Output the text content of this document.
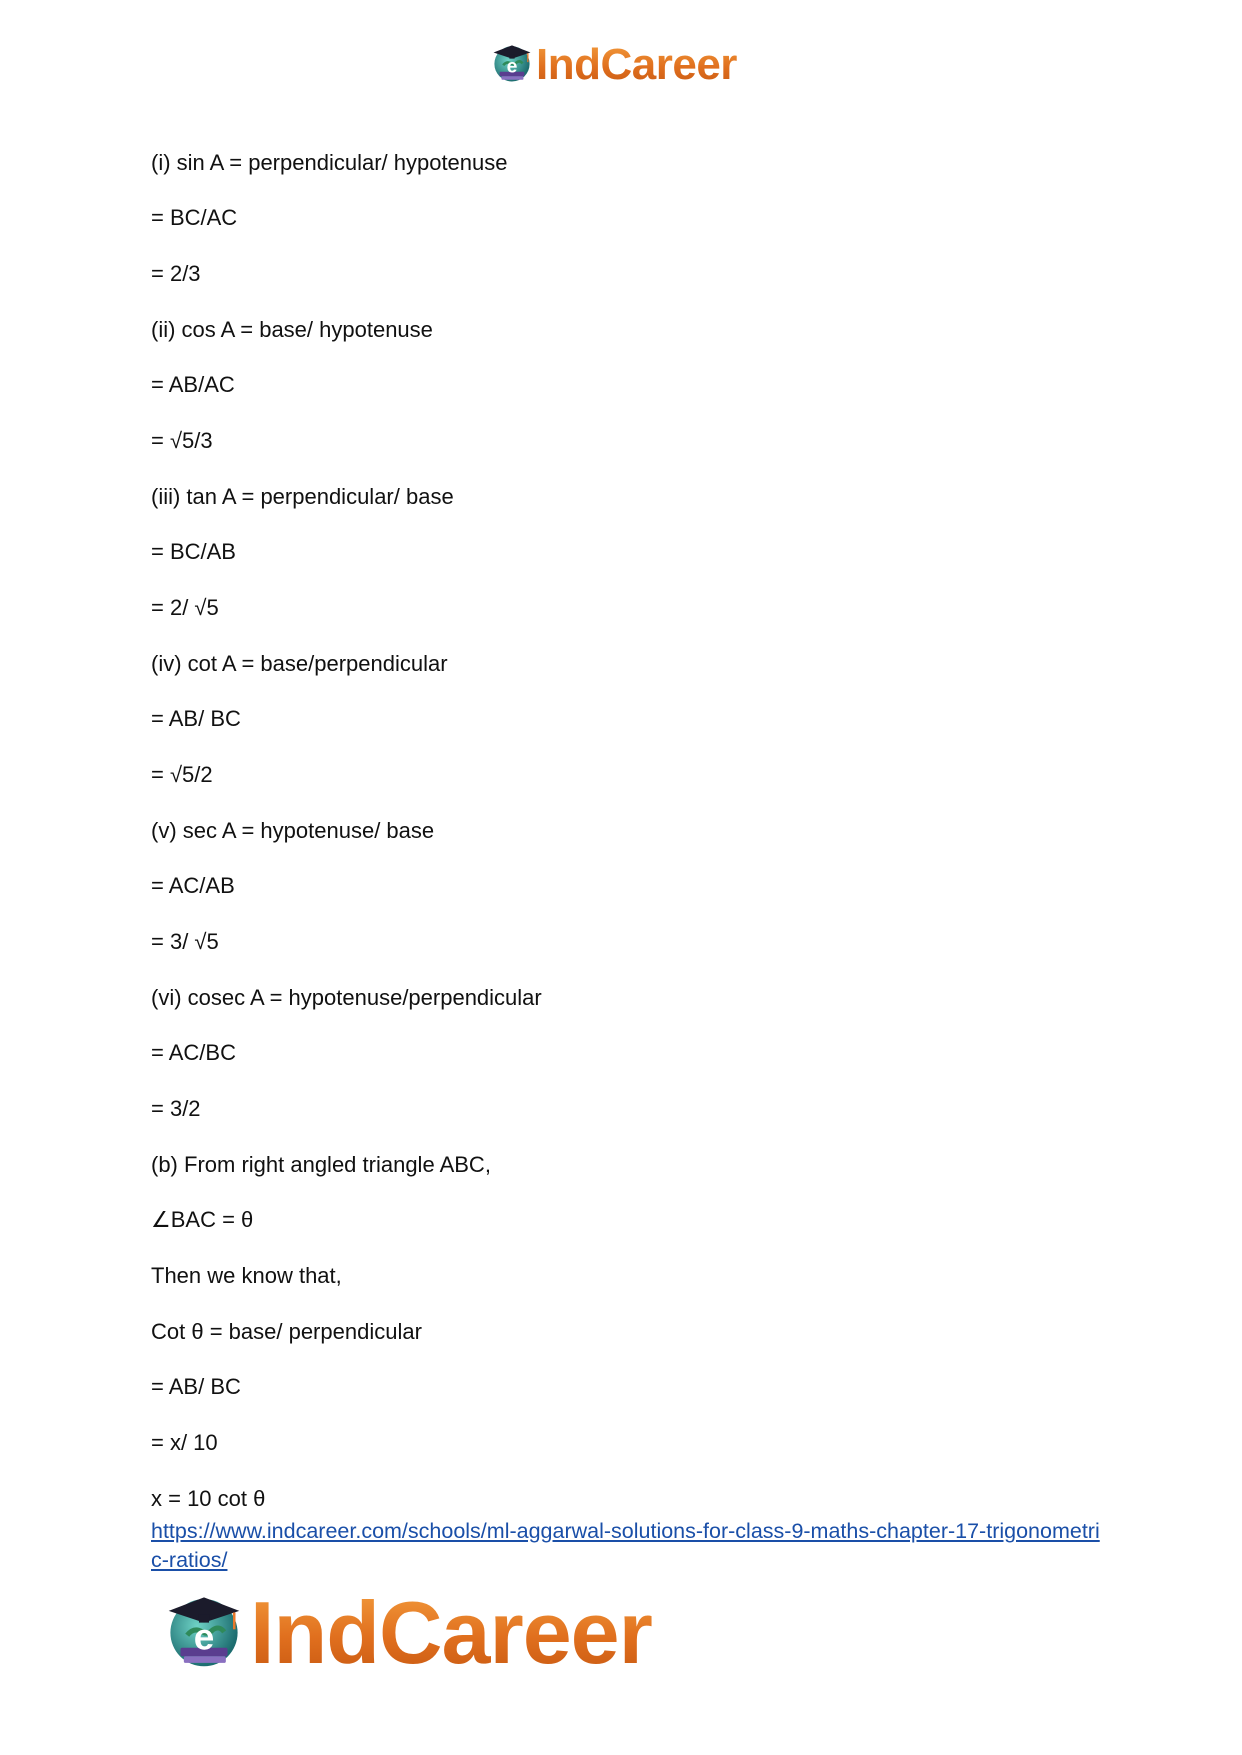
e IndCareer
(i) sin A = perpendicular/ hypotenuse
= BC/AC
= 2/3
(ii) cos A = base/ hypotenuse
= AB/AC
= √5/3
(iii) tan A = perpendicular/ base
= BC/AB
= 2/ √5
(iv) cot A = base/perpendicular
= AB/ BC
= √5/2
(v) sec A = hypotenuse/ base
= AC/AB
= 3/ √5
(vi) cosec A = hypotenuse/perpendicular
= AC/BC
= 3/2
(b) From right angled triangle ABC,
∠BAC = θ
Then we know that,
Cot θ = base/ perpendicular
= AB/ BC
= x/ 10
x = 10 cot θ
https://www.indcareer.com/schools/ml-aggarwal-solutions-for-class-9-maths-chapter-17-trigonometric-ratios/
e IndCareer
